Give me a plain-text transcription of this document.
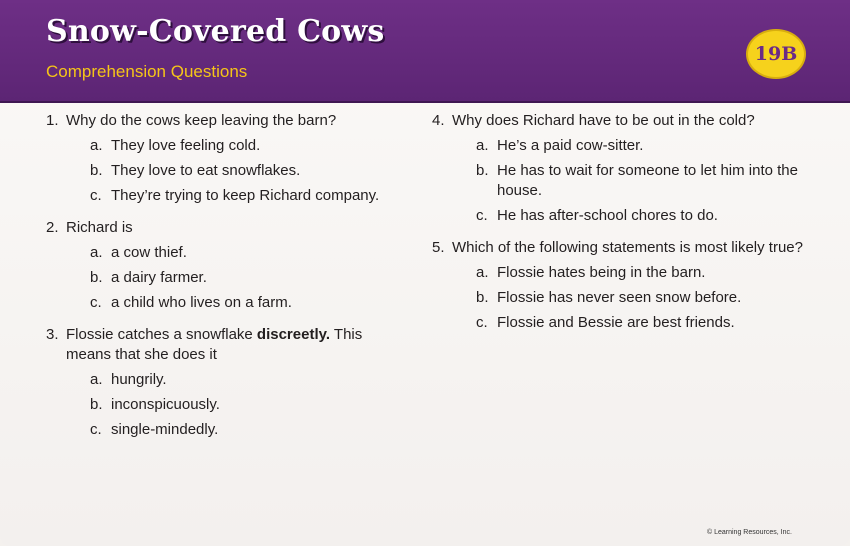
Snow-Covered Cows
Comprehension Questions
19B
1. Why do the cows keep leaving the barn?
a. They love feeling cold.
b. They love to eat snowflakes.
c. They’re trying to keep Richard company.
2. Richard is
a. a cow thief.
b. a dairy farmer.
c. a child who lives on a farm.
3. Flossie catches a snowflake discreetly. This means that she does it
a. hungrily.
b. inconspicuously.
c. single-mindedly.
4. Why does Richard have to be out in the cold?
a. He’s a paid cow-sitter.
b. He has to wait for someone to let him into the house.
c. He has after-school chores to do.
5. Which of the following statements is most likely true?
a. Flossie hates being in the barn.
b. Flossie has never seen snow before.
c. Flossie and Bessie are best friends.
© Learning Resources, Inc.
